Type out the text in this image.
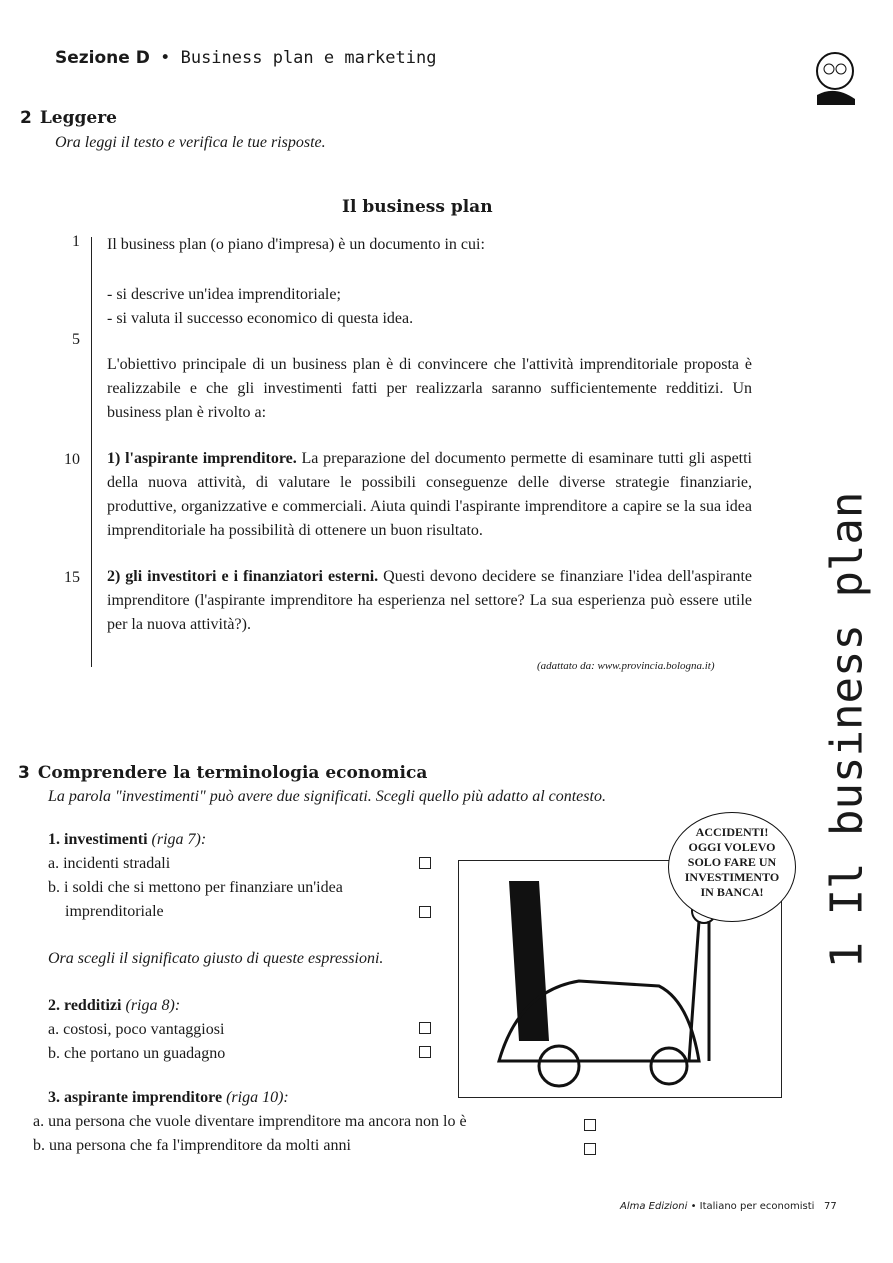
Sezione D • Business plan e marketing
2 Leggere
Ora leggi il testo e verifica le tue risposte.
Il business plan
1
5
10
15

Il business plan (o piano d'impresa) è un documento in cui:

- si descrive un'idea imprenditoriale;
- si valuta il successo economico di questa idea.

L'obiettivo principale di un business plan è di convincere che l'attività imprenditoriale proposta è realizzabile e che gli investimenti fatti per realizzarla saranno sufficientemente redditizi. Un business plan è rivolto a:

1) l'aspirante imprenditore. La preparazione del documento permette di esaminare tutti gli aspetti della nuova attività, di valutare le possibili conseguenze delle diverse strategie finanziarie, produttive, organizzative e commerciali. Aiuta quindi l'aspirante imprenditore a capire se la sua idea imprenditoriale ha possibilità di ottenere un buon risultato.

2) gli investitori e i finanziatori esterni. Questi devono decidere se finanziare l'idea dell'aspirante imprenditore (l'aspirante imprenditore ha esperienza nel settore? La sua esperienza può essere utile per la nuova attività?).

(adattato da: www.provincia.bologna.it)
3 Comprendere la terminologia economica
La parola "investimenti" può avere due significati. Scegli quello più adatto al contesto.
1. investimenti (riga 7):
a. incidenti stradali
b. i soldi che si mettono per finanziare un'idea
imprenditoriale
Ora scegli il significato giusto di queste espressioni.
2. redditizi (riga 8):
a. costosi, poco vantaggiosi
b. che portano un guadagno
3. aspirante imprenditore (riga 10):
a. una persona che vuole diventare imprenditore ma ancora non lo è
b. una persona che fa l'imprenditore da molti anni
ACCIDENTI!
OGGI VOLEVO
SOLO FARE UN
INVESTIMENTO
IN BANCA!	1 Il business plan
Alma Edizioni • Italiano per economisti 77
